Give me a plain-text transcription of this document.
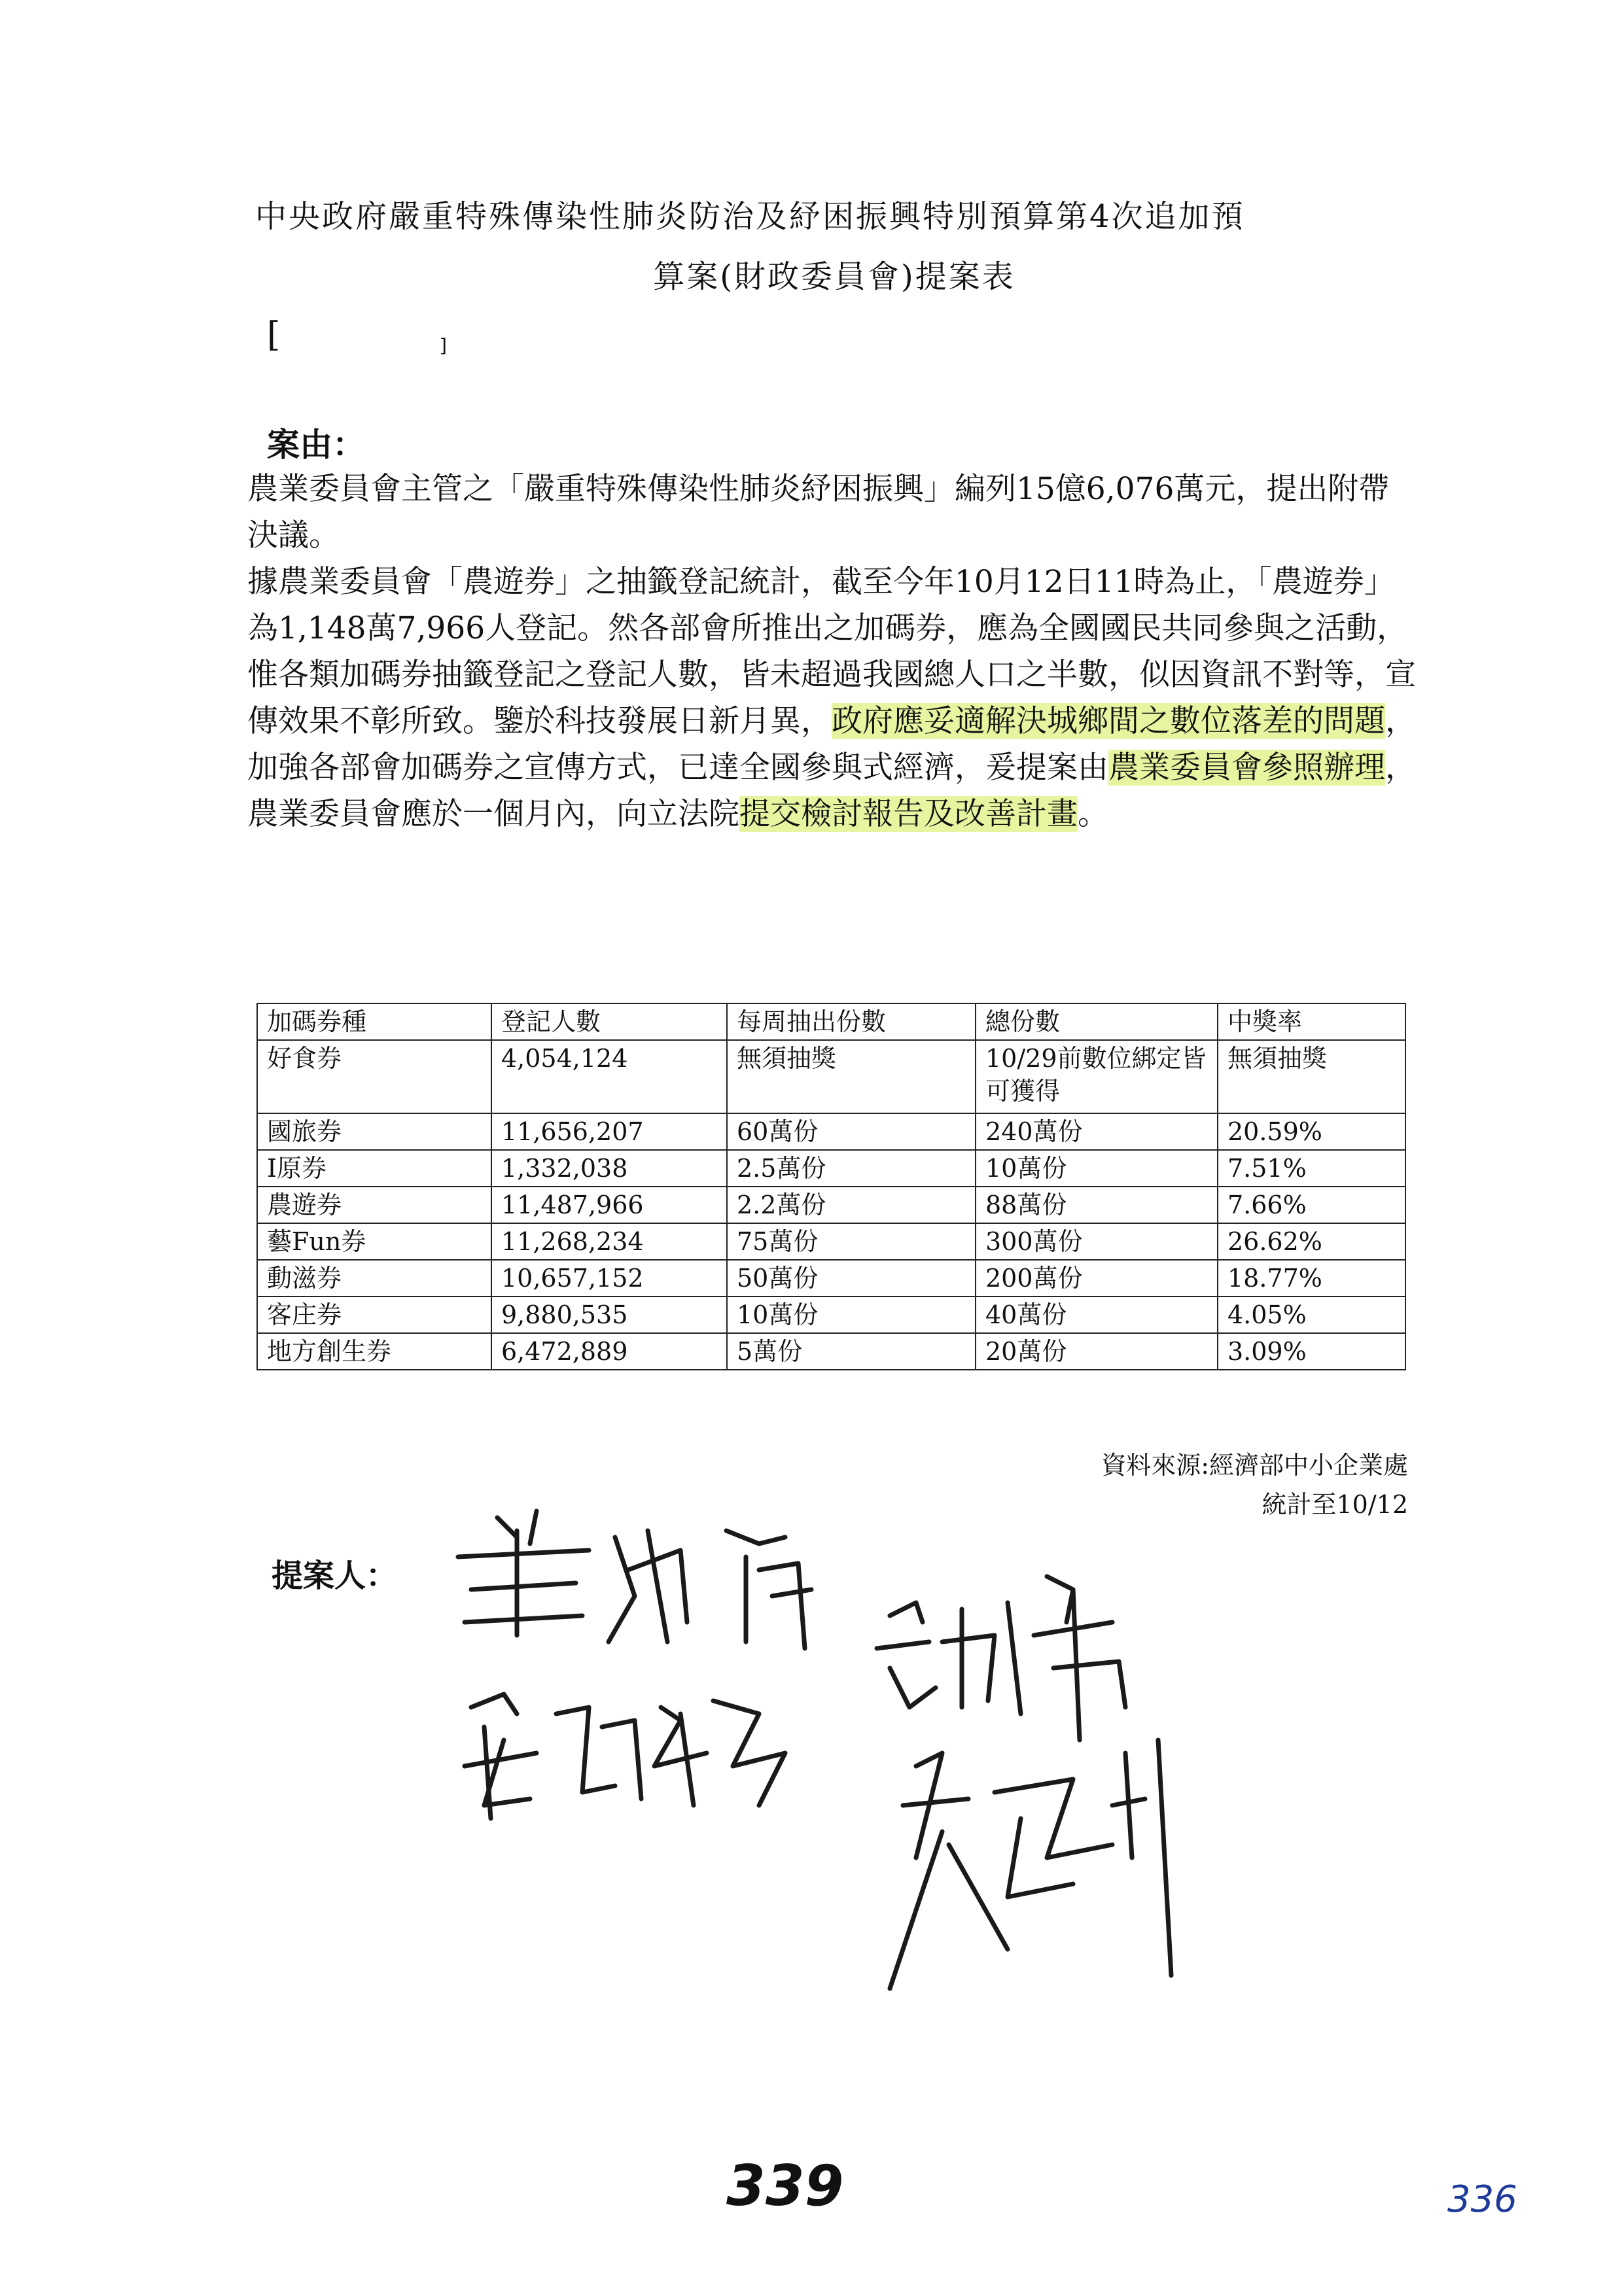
中央政府嚴重特殊傳染性肺炎防治及紓困振興特別預算第4次追加預
算案(財政委員會)提案表
[	]
案由：

農業委員會主管之「嚴重特殊傳染性肺炎紓困振興」編列15億6,076萬元，提出附帶決議。

據農業委員會「農遊券」之抽籤登記統計，截至今年10月12日11時為止，「農遊券」為1,148萬7,966人登記。然各部會所推出之加碼券，應為全國國民共同參與之活動，惟各類加碼券抽籤登記之登記人數，皆未超過我國總人口之半數，似因資訊不對等，宣傳效果不彰所致。鑒於科技發展日新月異，政府應妥適解決城鄉間之數位落差的問題，加強各部會加碼券之宣傳方式，已達全國參與式經濟，爰提案由農業委員會參照辦理，農業委員會應於一個月內，向立法院提交檢討報告及改善計畫。

加碼券種	登記人數	每周抽出份數	總份數	中獎率
好食券	4,054,124	無須抽獎	10/29前數位綁定皆可獲得	無須抽獎
國旅券	11,656,207	60萬份	240萬份	20.59%
I原券	1,332,038	2.5萬份	10萬份	7.51%
農遊券	11,487,966	2.2萬份	88萬份	7.66%
藝Fun券	11,268,234	75萬份	300萬份	26.62%
動滋券	10,657,152	50萬份	200萬份	18.77%
客庄券	9,880,535	10萬份	40萬份	4.05%
地方創生券	6,472,889	5萬份	20萬份	3.09%
資料來源:經濟部中小企業處
統計至10/12
提案人：
339	336
